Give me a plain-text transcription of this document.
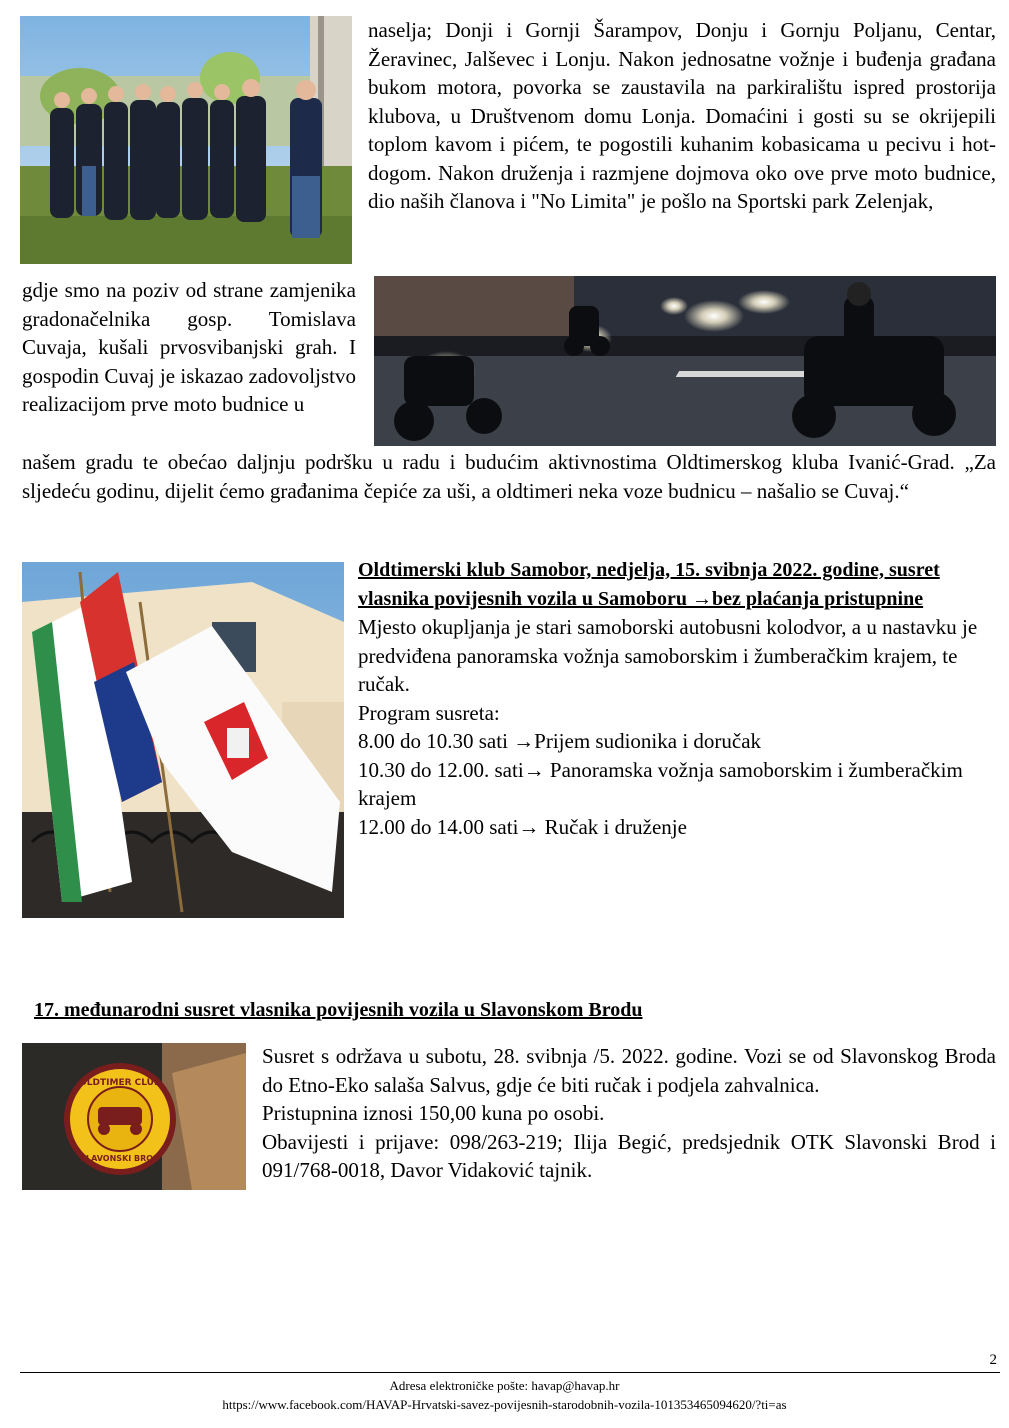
naselja; Donji i Gornji Šarampov, Donju i Gornju Poljanu, Centar, Žeravinec, Jalševec i Lonju. Nakon jednosatne vožnje i buđenja građana bukom motora, povorka se zaustavila na parkiralištu ispred prostorija klubova, u Društvenom domu Lonja. Domaćini i gosti su se okrijepili toplom kavom i pićem, te pogostili kuhanim kobasicama u pecivu i hot-dogom. Nakon druženja i razmjene dojmova oko ove prve moto budnice, dio naših članova i "No Limita" je pošlo na Sportski park Zelenjak,

gdje smo na poziv od strane zamjenika gradonačelnika gosp. Tomislava Cuvaja, kušali prvosvibanjski grah. I gospodin Cuvaj je iskazao zadovoljstvo realizacijom prve moto budnice u

našem gradu te obećao daljnju podršku u radu i budućim aktivnostima Oldtimerskog kluba Ivanić-Grad. „Za sljedeću godinu, dijelit ćemo građanima čepiće za uši, a oldtimeri neka voze budnicu – našalio se Cuvaj.“

Oldtimerski klub Samobor, nedjelja, 15. svibnja 2022. godine, susret vlasnika povijesnih vozila u Samoboru →bez plaćanja pristupnine

Mjesto okupljanja je stari samoborski autobusni kolodvor, a u nastavku je predviđena panoramska vožnja samoborskim i žumberačkim krajem, te ručak.

Program susreta:

8.00 do 10.30 sati →Prijem sudionika i doručak

10.30 do 12.00. sati→ Panoramska vožnja samoborskim i žumberačkim krajem

12.00 do 14.00 sati→ Ručak i druženje

17. međunarodni susret vlasnika povijesnih vozila u Slavonskom Brodu

OLDTIMER CLUB
SLAVONSKI BROD

Susret s održava u subotu, 28. svibnja /5. 2022. godine. Vozi se od Slavonskog Broda do Etno-Eko salaša Salvus, gdje će biti ručak i podjela zahvalnica.

Pristupnina iznosi 150,00 kuna po osobi.

Obavijesti i prijave: 098/263-219; Ilija Begić, predsjednik OTK Slavonski Brod i 091/768-0018, Davor Vidaković tajnik.

2
Adresa elektroničke pošte: havap@havap.hr
https://www.facebook.com/HAVAP-Hrvatski-savez-povijesnih-starodobnih-vozila-101353465094620/?ti=as
